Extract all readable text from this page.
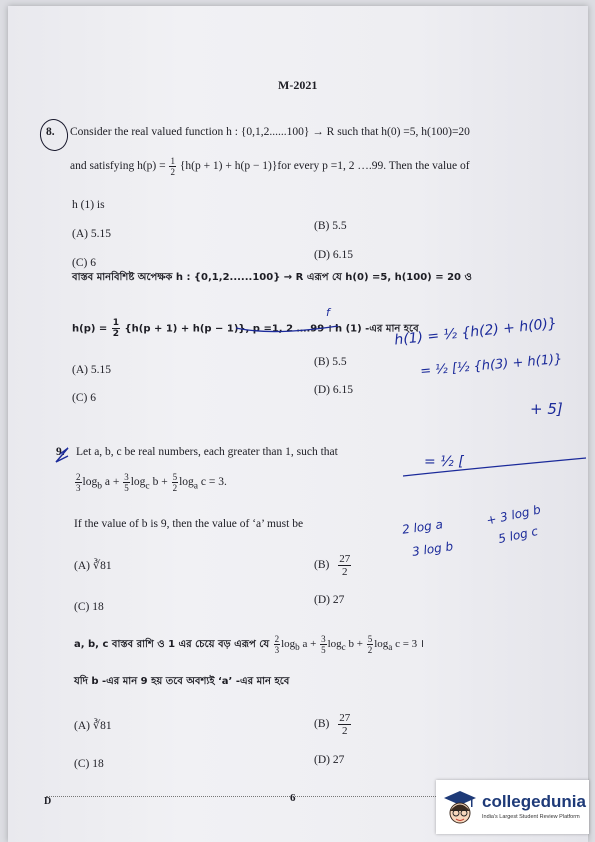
M-2021
8. Consider the real valued function h : {0,1,2......100} → R such that h(0) =5, h(100)=20
and satisfying $h(p) = \frac{1}{2} \{h(p + 1) + h(p - 1)\}for$ every p =1, 2 ….99. Then the value of
h (1) is
(A) 5.15
(B) 5.5
(C) 6
(D) 6.15
বাস্তব মানবিশিষ্ট অপেক্ষক h : {0,1,2......100} → R এরূপ যে h(0) =5, h(100) = 20 ও
$h(p) = \frac{1}{2} \{h(p + 1) + h(p - 1)\}$, p =1, 2 ….99 । h (1) -এর মান হবে
(A) 5.15
(B) 5.5
(C) 6
(D) 6.15
9. Let a, b, c be real numbers, each greater than 1, such that
$\frac{2}{3} \log_b a + \frac{3}{5} \log_c b + \frac{5}{2} \log_a c = 3$.
If the value of b is 9, then the value of ‘a’ must be
(A) ∛81	$(B) \frac{27}{2}$
(C) 18
(D) 27
a, b, c বাস্তব রাশি ও 1 এর চেয়ে বড় এরূপ যে $\frac{2}{3} \log_b a + \frac{3}{5} \log_c b + \frac{5}{2} \log_a c = 3$ ।
যদি b -এর মান 9 হয় তবে অবশ্যই ‘a’ -এর মান হবে
(A) ∛81	$(B) \frac{27}{2}$
(C) 18	(D) 27
f
h(1) = ½ {h(2) + h(0)}
= ½ [½ {h(3) + h(1)}
+ 5]
= ½ [
2 log a
3 log b
+ 3 log b
5 log c
D	6	collegedunia
India's Largest Student Review Platform
